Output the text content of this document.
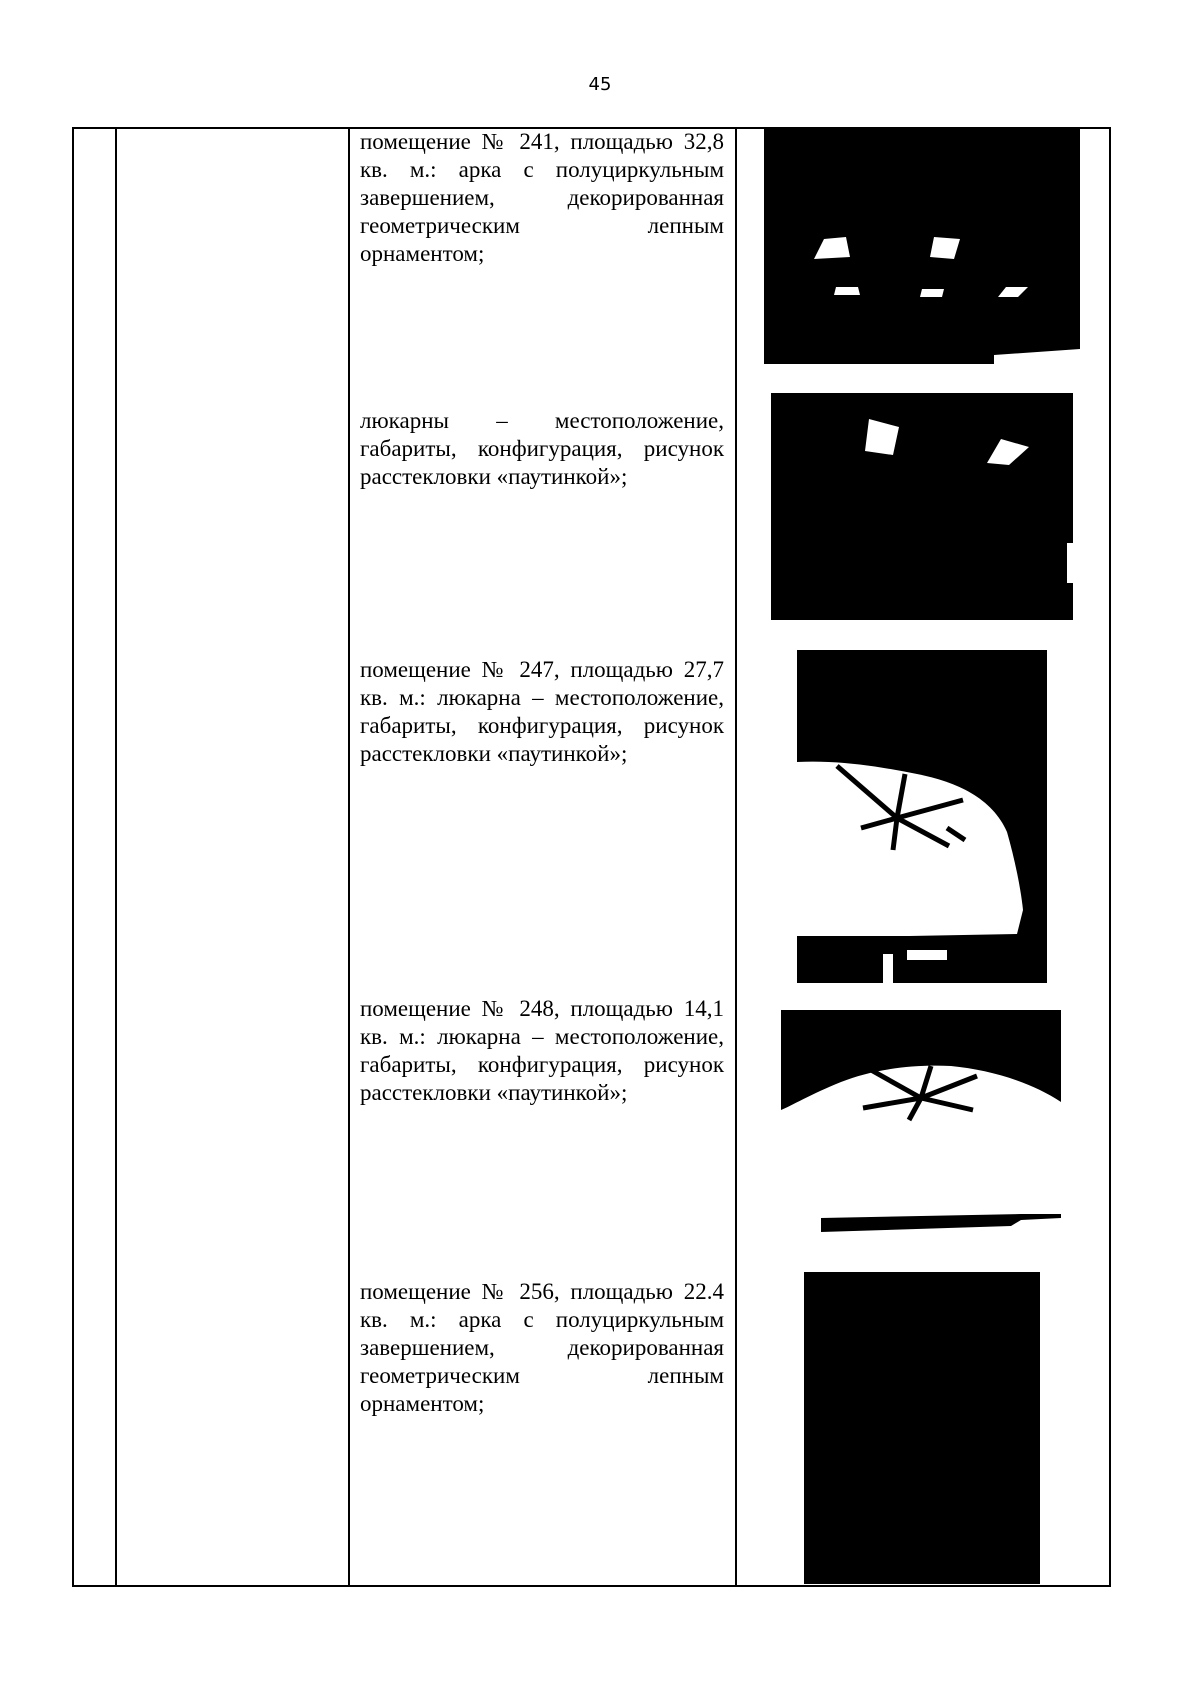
45
помещение № 241, площадью 32,8 кв. м.: арка с полуциркульным завершением, декорированная геометрическим лепным орнаментом;
люкарны – местоположение, габариты, конфигурация, рисунок расстекловки «паутинкой»;
помещение № 247, площадью 27,7 кв. м.: люкарна – местоположение, габариты, конфигурация, рисунок расстекловки «паутинкой»;
помещение № 248, площадью 14,1 кв. м.: люкарна – местоположение, габариты, конфигурация, рисунок расстекловки «паутинкой»;
помещение № 256, площадью 22.4 кв. м.: арка с полуциркульным завершением, декорированная геометрическим лепным орнаментом;
